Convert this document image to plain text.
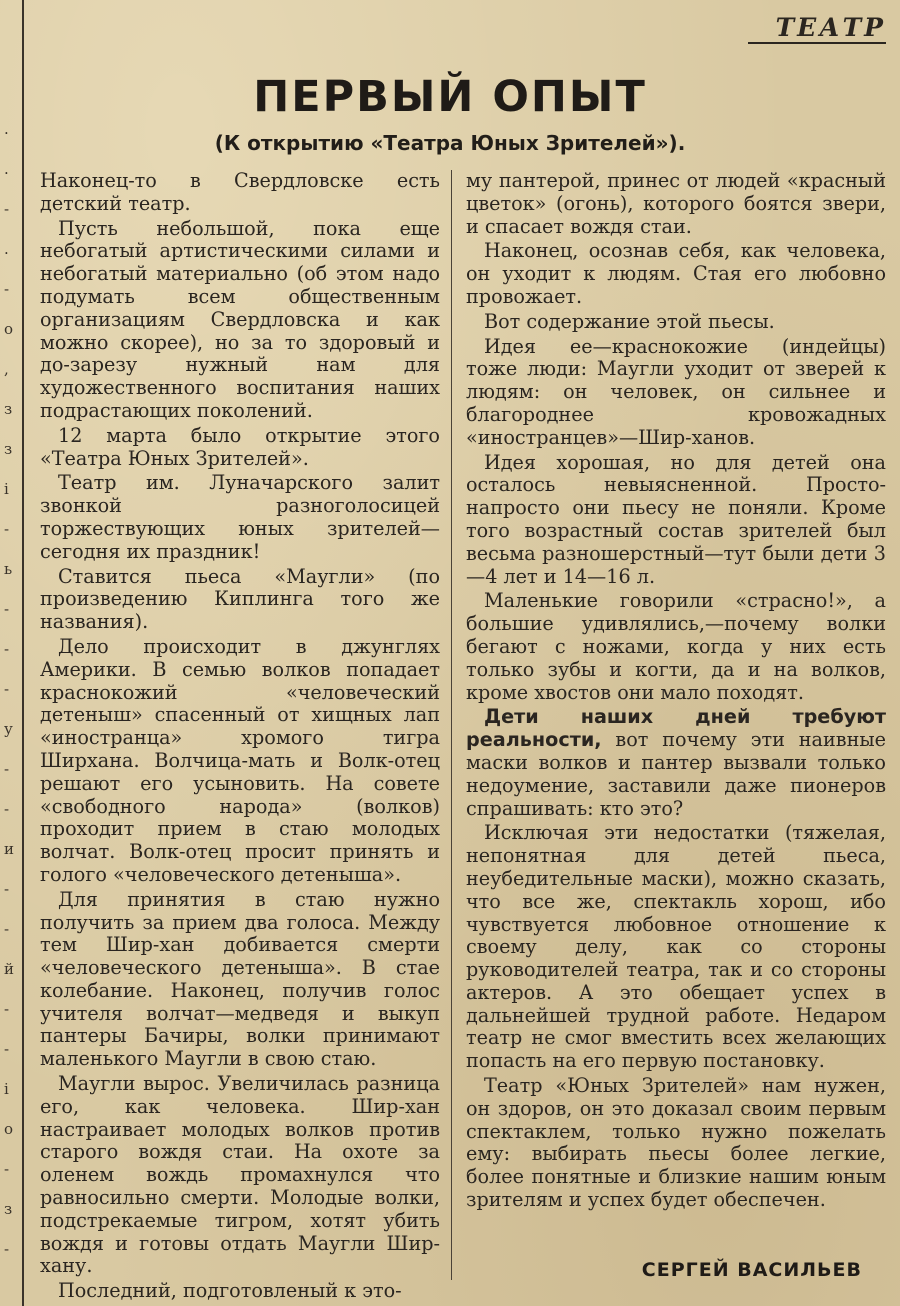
.
.
-
.
-
о
,
з
з
і
-
ь
-
-
-
у
-
-
и
-
-
й
-
-
і
о
-
з
-
ТЕАТР
ПЕРВЫЙ ОПЫТ
(К открытию «Театра Юных Зрителей»).

Наконец-то в Свердловске есть детский театр.

Пусть небольшой, пока еще небогатый артистическими силами и небогатый материально (об этом надо подумать всем общественным организациям Свердловска и как можно скорее), но за то здоровый и до-зарезу нужный нам для художественного воспитания наших подрастающих поколений.

12 марта было открытие этого «Театра Юных Зрителей».

Театр им. Луначарского залит звонкой разноголосицей торжествующих юных зрителей—сегодня их праздник!

Ставится пьеса «Маугли» (по произведению Киплинга того же названия).

Дело происходит в джунглях Америки. В семью волков попадает краснокожий «человеческий детеныш» спасенный от хищных лап «иностранца» хромого тигра Ширхана. Волчица-мать и Волк-отец решают его усыновить. На совете «свободного народа» (волков) проходит прием в стаю молодых волчат. Волк-отец просит принять и голого «человеческого детеныша».

Для принятия в стаю нужно получить за прием два голоса. Между тем Шир-хан добивается смерти «человеческого детеныша». В стае колебание. Наконец, получив голос учителя волчат—медведя и выкуп пантеры Бачиры, волки принимают маленького Маугли в свою стаю.

Маугли вырос. Увеличилась разница его, как человека. Шир-хан настраивает молодых волков против старого вождя стаи. На охоте за оленем вождь промахнулся что равносильно смерти. Молодые волки, подстрекаемые тигром, хотят убить вождя и готовы отдать Маугли Шир-хану.

Последний, подготовленый к это-

му пантерой, принес от людей «красный цветок» (огонь), которого боятся звери, и спасает вождя стаи.

Наконец, осознав себя, как человека, он уходит к людям. Стая его любовно провожает.

Вот содержание этой пьесы.

Идея ее—краснокожие (индейцы) тоже люди: Маугли уходит от зверей к людям: он человек, он сильнее и благороднее кровожадных «иностранцев»—Шир-ханов.

Идея хорошая, но для детей она осталось невыясненной. Просто-напросто они пьесу не поняли. Кроме того возрастный состав зрителей был весьма разношерстный—тут были дети 3—4 лет и 14—16 л.

Маленькие говорили «страсно!», а большие удивлялись,—почему волки бегают с ножами, когда у них есть только зубы и когти, да и на волков, кроме хвостов они мало походят.

Дети наших дней требуют реальности, вот почему эти наивные маски волков и пантер вызвали только недоумение, заставили даже пионеров спрашивать: кто это?

Исключая эти недостатки (тяжелая, непонятная для детей пьеса, неубедительные маски), можно сказать, что все же, спектакль хорош, ибо чувствуется любовное отношение к своему делу, как со стороны руководителей театра, так и со стороны актеров. А это обещает успех в дальнейшей трудной работе. Недаром театр не смог вместить всех желающих попасть на его первую постановку.

Театр «Юных Зрителей» нам нужен, он здоров, он это доказал своим первым спектаклем, только нужно пожелать ему: выбирать пьесы более легкие, более понятные и близкие нашим юным зрителям и успех будет обеспечен.

СЕРГЕЙ ВАСИЛЬЕВ
